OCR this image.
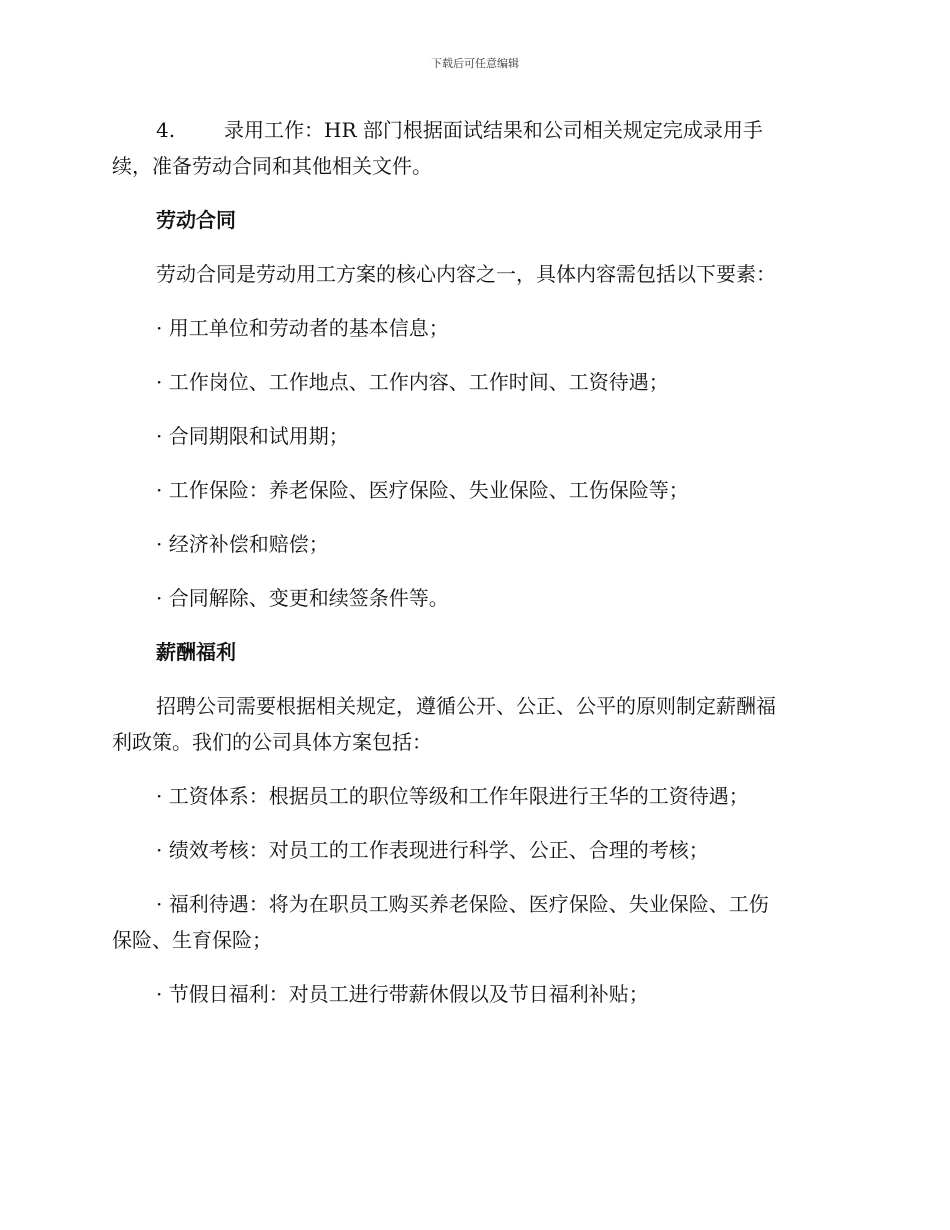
下载后可任意编辑
4.	录用工作：HR 部门根据面试结果和公司相关规定完成录用手
续，准备劳动合同和其他相关文件。
劳动合同
劳动合同是劳动用工方案的核心内容之一，具体内容需包括以下要素：
· 用工单位和劳动者的基本信息；
· 工作岗位、工作地点、工作内容、工作时间、工资待遇；
· 合同期限和试用期；
· 工作保险：养老保险、医疗保险、失业保险、工伤保险等；
· 经济补偿和赔偿；
· 合同解除、变更和续签条件等。
薪酬福利
招聘公司需要根据相关规定，遵循公开、公正、公平的原则制定薪酬福
利政策。我们的公司具体方案包括：
· 工资体系：根据员工的职位等级和工作年限进行王华的工资待遇；
· 绩效考核：对员工的工作表现进行科学、公正、合理的考核；
· 福利待遇：将为在职员工购买养老保险、医疗保险、失业保险、工伤
保险、生育保险；
· 节假日福利：对员工进行带薪休假以及节日福利补贴；
